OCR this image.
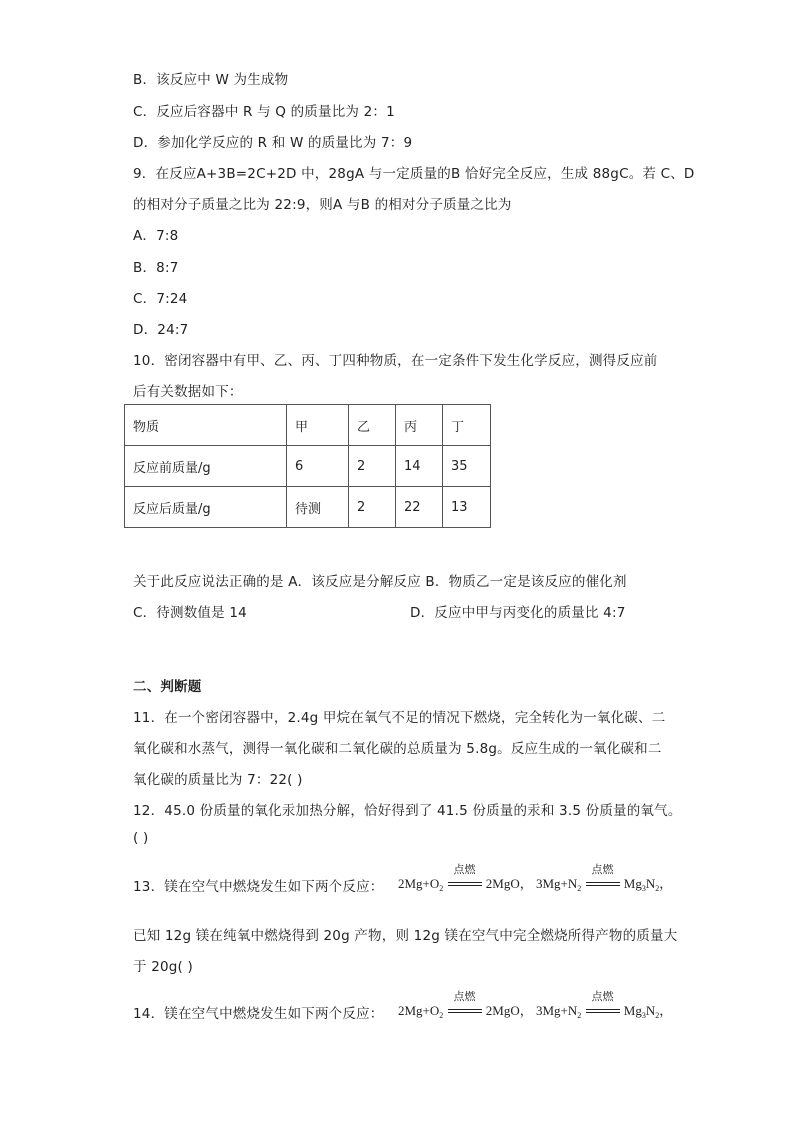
B．该反应中 W 为生成物
C．反应后容器中 R 与 Q 的质量比为 2：1
D．参加化学反应的 R 和 W 的质量比为 7：9
9．在反应A+3B=2C+2D 中，28gA 与一定质量的B 恰好完全反应，生成 88gC。若 C、D
的相对分子质量之比为 22:9，则A 与B 的相对分子质量之比为
A．7:8
B．8:7
C．7:24
D．24:7
10．密闭容器中有甲、乙、丙、丁四种物质，在一定条件下发生化学反应，测得反应前
后有关数据如下：
物质	甲	乙	丙	丁
反应前质量/g	6	2	14	35
反应后质量/g	待测	2	22	13
关于此反应说法正确的是 A．该反应是分解反应 B．物质乙一定是该反应的催化剂
C．待测数值是 14	D．反应中甲与丙变化的质量比 4:7
二、判断题
11．在一个密闭容器中，2.4g 甲烷在氧气不足的情况下燃烧，完全转化为一氧化碳、二
氧化碳和水蒸气，测得一氧化碳和二氧化碳的总质量为 5.8g。反应生成的一氧化碳和二
氧化碳的质量比为 7：22( )
12．45.0 份质量的氧化汞加热分解，恰好得到了 41.5 份质量的汞和 3.5 份质量的氧气。
( )
13．镁在空气中燃烧发生如下两个反应： $2Mg+O_2$
点燃
2MgO， $3Mg+N_2$
点燃
$Mg_3N_2$，
已知 12g 镁在纯氧中燃烧得到 20g 产物，则 12g 镁在空气中完全燃烧所得产物的质量大
于 20g( )
14．镁在空气中燃烧发生如下两个反应： $2Mg+O_2$
点燃
2MgO， $3Mg+N_2$
点燃
$Mg_3N_2$，
